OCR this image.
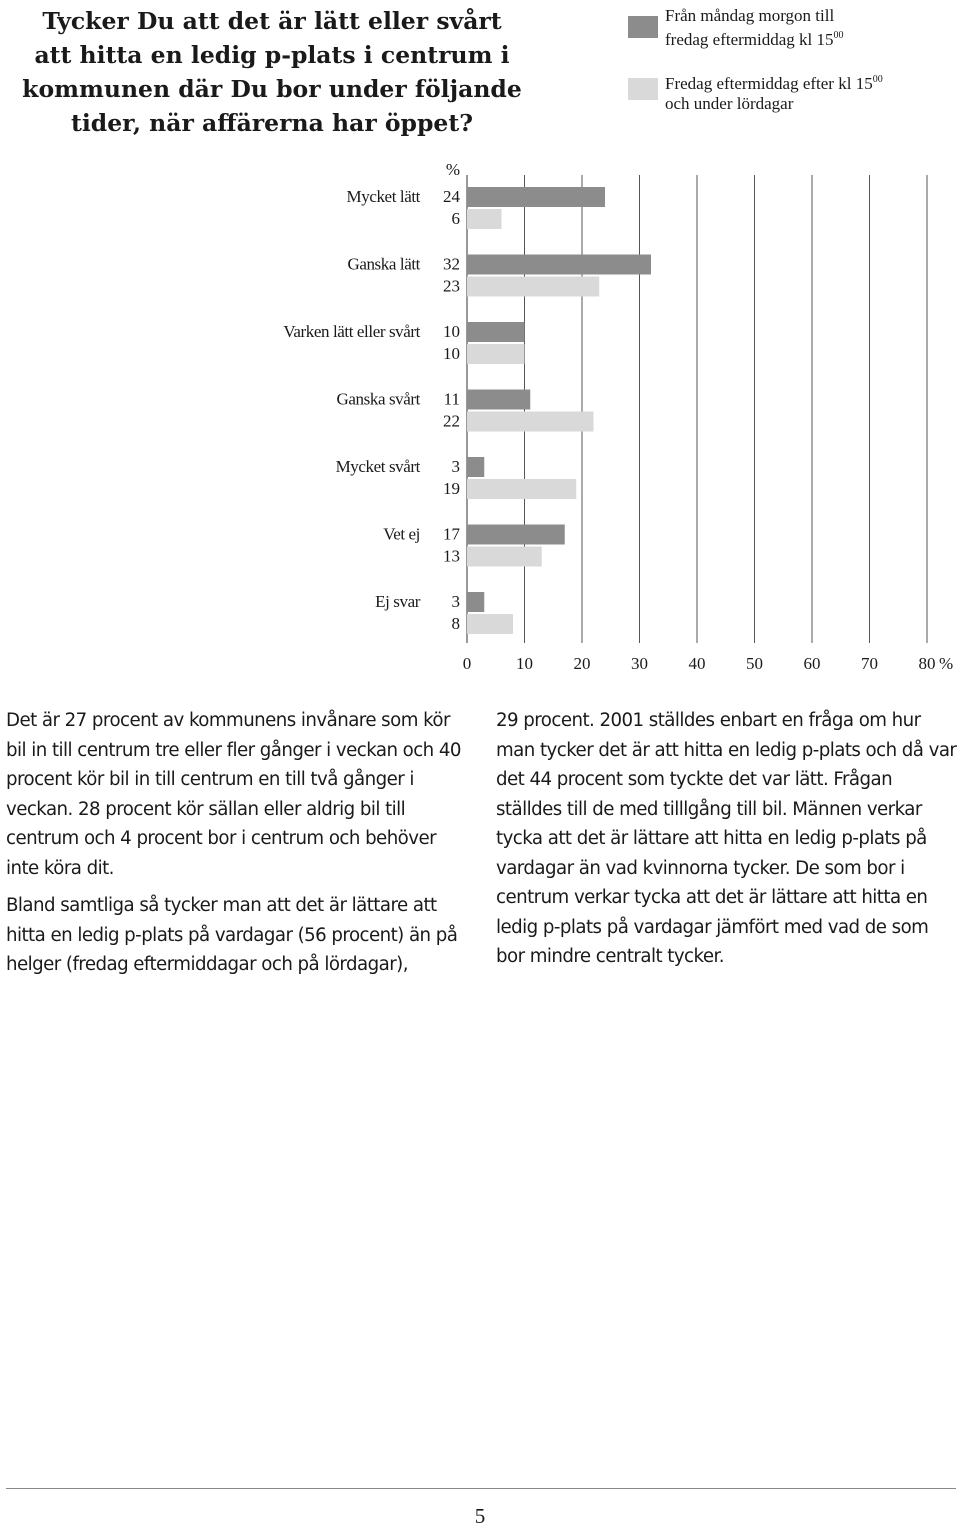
Tycker Du att det är lätt eller svårt att hitta en ledig p-plats i centrum i kommunen där Du bor under följande tider, när affärerna har öppet?
Från måndag morgon till
fredag eftermiddag kl $15^{00}$
Fredag eftermiddag efter kl $15^{00}$
och under lördagar
%
Mycket lätt 24
6
Ganska lätt 32
23
Varken lätt eller svårt 10
10
Ganska svårt 11
22
Mycket svårt 3
19
Vet ej 17
13
Ej svar 3
8
0	10 20 30 40 50 60 70 80 %

Det är 27 procent av kommunens invånare som kör bil in till centrum tre eller fler gånger i veckan och 40 procent kör bil in till centrum en till två gånger i veckan. 28 procent kör sällan eller aldrig bil till centrum och 4 procent bor i centrum och behöver inte köra dit.

Bland samtliga så tycker man att det är lättare att hitta en ledig p-plats på vardagar (56 procent) än på helger (fredag eftermiddagar och på lördagar),

29 procent. 2001 ställdes enbart en fråga om hur man tycker det är att hitta en ledig p-plats och då var det 44 procent som tyckte det var lätt. Frågan ställdes till de med tilllgång till bil. Männen verkar tycka att det är lättare att hitta en ledig p-plats på vardagar än vad kvinnorna tycker. De som bor i centrum verkar tycka att det är lättare att hitta en ledig p-plats på vardagar jämfört med vad de som bor mindre centralt tycker.

5
